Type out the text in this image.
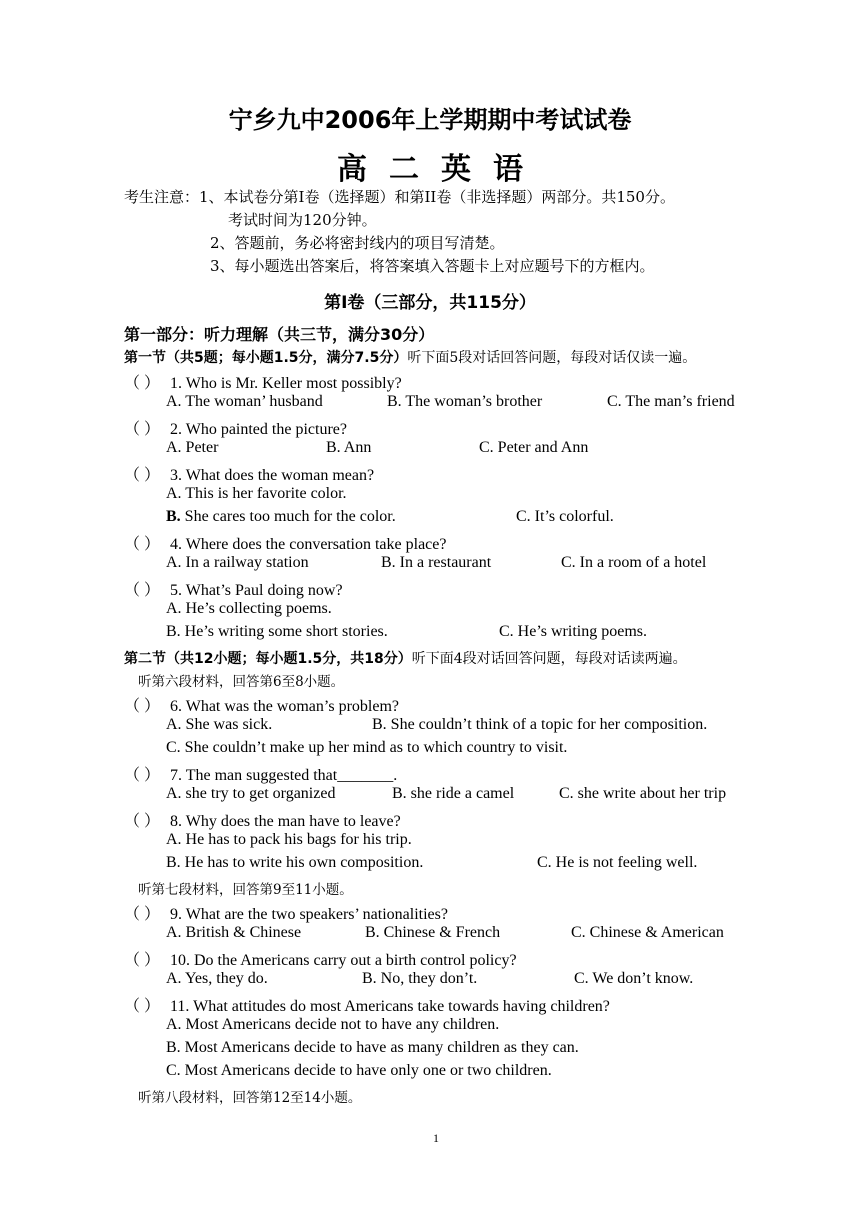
宁乡九中2006年上学期期中考试试卷
高二英语
考生注意：1、本试卷分第I卷（选择题）和第II卷（非选择题）两部分。共150分。
考试时间为120分钟。
2、答题前，务必将密封线内的项目写清楚。
3、每小题选出答案后，将答案填入答题卡上对应题号下的方框内。
第I卷（三部分，共115分）
第一部分：听力理解（共三节，满分30分）
第一节（共5题；每小题1.5分，满分7.5分）听下面5段对话回答问题，每段对话仅读一遍。
（ ） 1. Who is Mr. Keller most possibly?
A. The woman’ husband	B. The woman’s brother	C. The man’s friend
（ ） 2. Who painted the picture?
A. Peter	B. Ann	C. Peter and Ann
（ ） 3. What does the woman mean?
A. This is her favorite color.
B. She cares too much for the color.	C. It’s colorful.
（ ） 4. Where does the conversation take place?
A. In a railway station	B. In a restaurant	C. In a room of a hotel
（ ） 5. What’s Paul doing now?
A. He’s collecting poems.
B. He’s writing some short stories.	C. He’s writing poems.
第二节（共12小题；每小题1.5分，共18分）听下面4段对话回答问题，每段对话读两遍。
听第六段材料，回答第6至8小题。
（ ） 6. What was the woman’s problem?
A. She was sick.	B. She couldn’t think of a topic for her composition.
C. She couldn’t make up her mind as to which country to visit.
（ ） 7. The man suggested that_______.
A. she try to get organized	B. she ride a camel	C. she write about her trip
（ ） 8. Why does the man have to leave?
A. He has to pack his bags for his trip.
B. He has to write his own composition.	C. He is not feeling well.
听第七段材料，回答第9至11小题。
（ ） 9. What are the two speakers’ nationalities?
A. British & Chinese	B. Chinese & French	C. Chinese & American
（ ） 10. Do the Americans carry out a birth control policy?
A. Yes, they do.	B. No, they don’t.	C. We don’t know.
（ ） 11. What attitudes do most Americans take towards having children?
A. Most Americans decide not to have any children.
B. Most Americans decide to have as many children as they can.
C. Most Americans decide to have only one or two children.
听第八段材料，回答第12至14小题。
1
